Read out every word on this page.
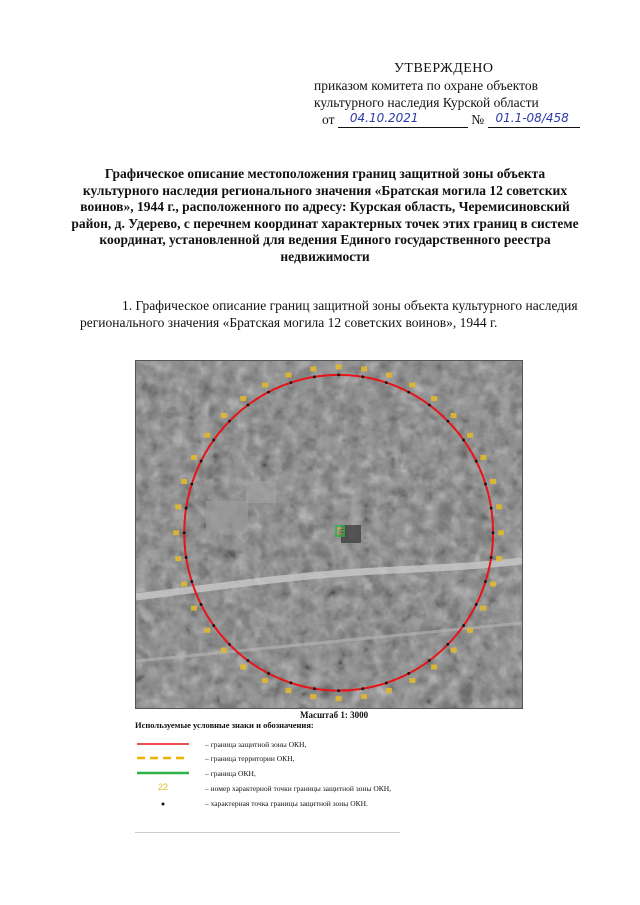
УТВЕРЖДЕНО
приказом комитета по охране объектов
культурного наследия Курской области
от 04.10.2021	№ 01.1-08/458
Графическое описание местоположения границ защитной зоны объекта культурного наследия регионального значения «Братская могила 12 советских воинов», 1944 г., расположенного по адресу: Курская область, Черемисиновский район, д. Удерево, с перечнем координат характерных точек этих границ в системе координат, установленной для ведения Единого государственного реестра недвижимости
1. Графическое описание границ защитной зоны объекта культурного наследия регионального значения «Братская могила 12 советских воинов», 1944 г.
Масштаб 1: 3000
Используемые условные знаки и обозначения:
– граница защитной зоны ОКН,
– граница территории ОКН,
– граница ОКН,
22	– номер характерной точки границы защитной зоны ОКН,
– характерная точка границы защитной зоны ОКН.
